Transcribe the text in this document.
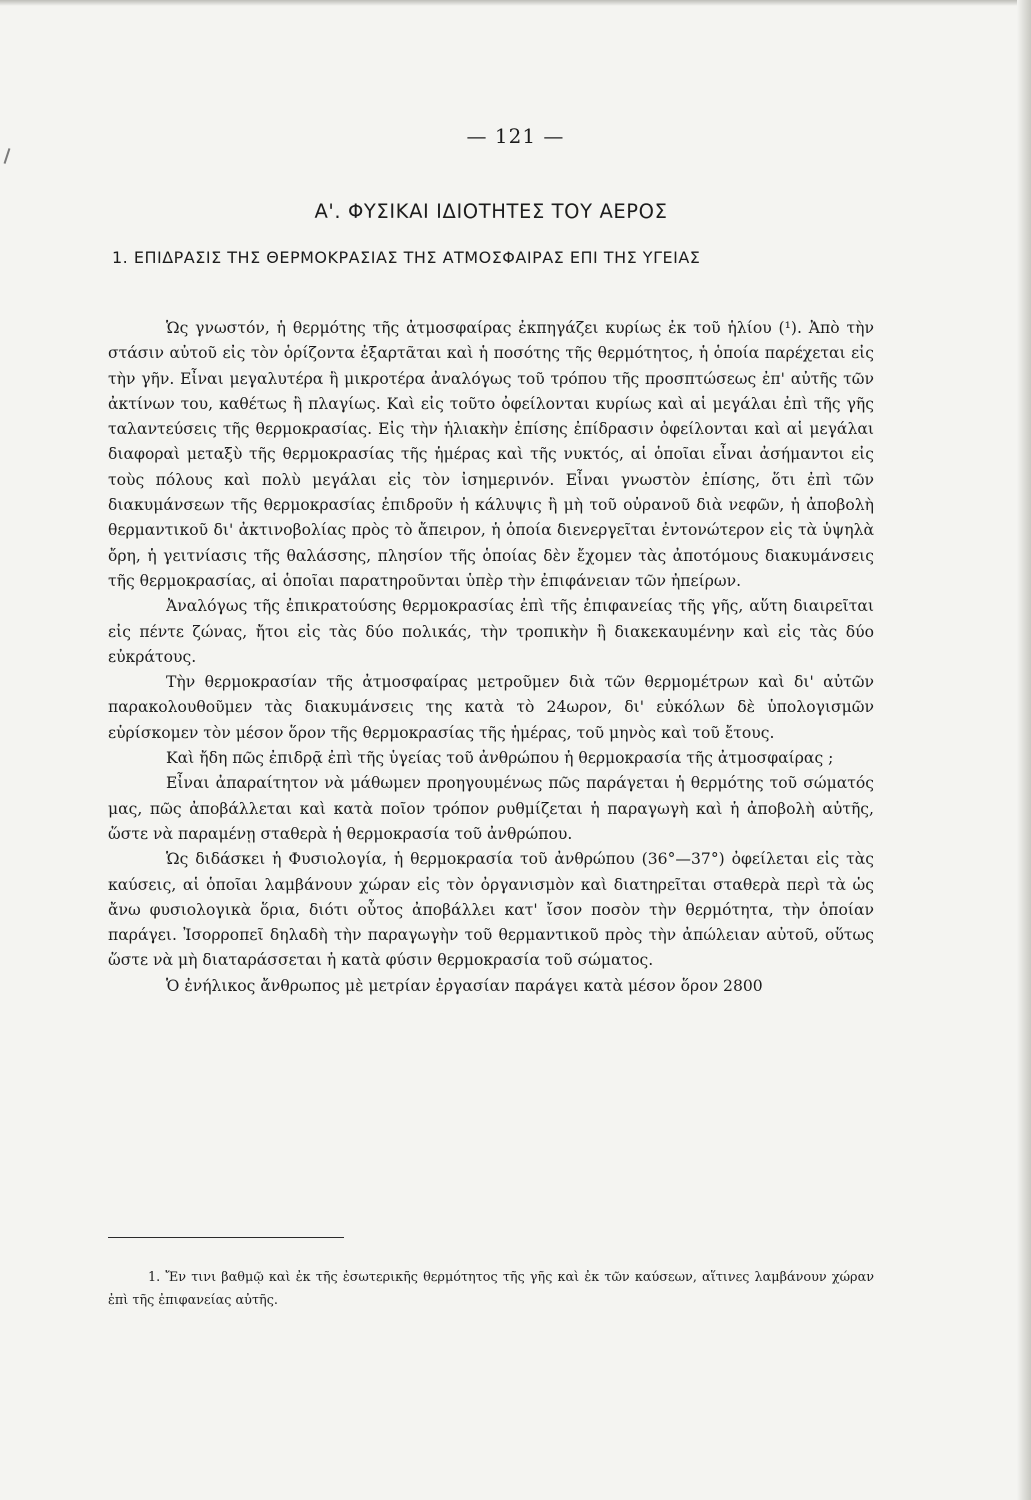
— 121 —
Α'. ΦΥΣΙΚΑΙ ΙΔΙΟΤΗΤΕΣ ΤΟΥ ΑΕΡΟΣ
1. ΕΠΙΔΡΑΣΙΣ ΤΗΣ ΘΕΡΜΟΚΡΑΣΙΑΣ ΤΗΣ ΑΤΜΟΣΦΑΙΡΑΣ ΕΠΙ ΤΗΣ ΥΓΕΙΑΣ

Ὡς γνωστόν, ἡ θερμότης τῆς ἀτμοσφαίρας ἐκπηγάζει κυρίως ἐκ τοῦ ἡλίου (¹). Ἀπὸ τὴν στάσιν αὐτοῦ εἰς τὸν ὁρίζοντα ἐξαρτᾶται καὶ ἡ ποσότης τῆς θερμότητος, ἡ ὁποία παρέχεται εἰς τὴν γῆν. Εἶναι μεγαλυτέρα ἢ μικροτέρα ἀναλόγως τοῦ τρόπου τῆς προσπτώσεως ἐπ' αὐτῆς τῶν ἀκτίνων του, καθέτως ἢ πλαγίως. Καὶ εἰς τοῦτο ὀφείλονται κυρίως καὶ αἱ μεγάλαι ἐπὶ τῆς γῆς ταλαντεύσεις τῆς θερμοκρασίας. Εἰς τὴν ἡλιακὴν ἐπίσης ἐπίδρασιν ὀφείλονται καὶ αἱ μεγάλαι διαφοραὶ μεταξὺ τῆς θερμοκρασίας τῆς ἡμέρας καὶ τῆς νυκτός, αἱ ὁποῖαι εἶναι ἀσήμαντοι εἰς τοὺς πόλους καὶ πολὺ μεγάλαι εἰς τὸν ἰσημερινόν. Εἶναι γνωστὸν ἐπίσης, ὅτι ἐπὶ τῶν διακυμάνσεων τῆς θερμοκρασίας ἐπιδροῦν ἡ κάλυψις ἢ μὴ τοῦ οὐρανοῦ διὰ νεφῶν, ἡ ἀποβολὴ θερμαντικοῦ δι' ἀκτινοβολίας πρὸς τὸ ἄπειρον, ἡ ὁποία διενεργεῖται ἐντονώτερον εἰς τὰ ὑψηλὰ ὄρη, ἡ γειτνίασις τῆς θαλάσσης, πλησίον τῆς ὁποίας δὲν ἔχομεν τὰς ἀποτόμους διακυμάνσεις τῆς θερμοκρασίας, αἱ ὁποῖαι παρατηροῦνται ὑπὲρ τὴν ἐπιφάνειαν τῶν ἠπείρων.

Ἀναλόγως τῆς ἐπικρατούσης θερμοκρασίας ἐπὶ τῆς ἐπιφανείας τῆς γῆς, αὕτη διαιρεῖται εἰς πέντε ζώνας, ἤτοι εἰς τὰς δύο πολικάς, τὴν τροπικὴν ἢ διακεκαυμένην καὶ εἰς τὰς δύο εὐκράτους.

Τὴν θερμοκρασίαν τῆς ἀτμοσφαίρας μετροῦμεν διὰ τῶν θερμομέτρων καὶ δι' αὐτῶν παρακολουθοῦμεν τὰς διακυμάνσεις της κατὰ τὸ 24ωρον, δι' εὐκόλων δὲ ὑπολογισμῶν εὑρίσκομεν τὸν μέσον ὅρον τῆς θερμοκρασίας τῆς ἡμέρας, τοῦ μηνὸς καὶ τοῦ ἔτους.

Καὶ ἤδη πῶς ἐπιδρᾷ ἐπὶ τῆς ὑγείας τοῦ ἀνθρώπου ἡ θερμοκρασία τῆς ἀτμοσφαίρας ;

Εἶναι ἀπαραίτητον νὰ μάθωμεν προηγουμένως πῶς παράγεται ἡ θερμότης τοῦ σώματός μας, πῶς ἀποβάλλεται καὶ κατὰ ποῖον τρόπον ρυθμίζεται ἡ παραγωγὴ καὶ ἡ ἀποβολὴ αὐτῆς, ὥστε νὰ παραμένῃ σταθερὰ ἡ θερμοκρασία τοῦ ἀνθρώπου.

Ὡς διδάσκει ἡ Φυσιολογία, ἡ θερμοκρασία τοῦ ἀνθρώπου (36°—37°) ὀφείλεται εἰς τὰς καύσεις, αἱ ὁποῖαι λαμβάνουν χώραν εἰς τὸν ὀργανισμὸν καὶ διατηρεῖται σταθερὰ περὶ τὰ ὡς ἄνω φυσιολογικὰ ὅρια, διότι οὗτος ἀποβάλλει κατ' ἴσον ποσὸν τὴν θερμότητα, τὴν ὁποίαν παράγει. Ἰσορροπεῖ δηλαδὴ τὴν παραγωγὴν τοῦ θερμαντικοῦ πρὸς τὴν ἀπώλειαν αὐτοῦ, οὕτως ὥστε νὰ μὴ διαταράσσεται ἡ κατὰ φύσιν θερμοκρασία τοῦ σώματος.

Ὁ ἐνήλικος ἄνθρωπος μὲ μετρίαν ἐργασίαν παράγει κατὰ μέσον ὅρον 2800

1. Ἔν τινι βαθμῷ καὶ ἐκ τῆς ἐσωτερικῆς θερμότητος τῆς γῆς καὶ ἐκ τῶν καύσεων, αἵτινες λαμβάνουν χώραν ἐπὶ τῆς ἐπιφανείας αὐτῆς.
